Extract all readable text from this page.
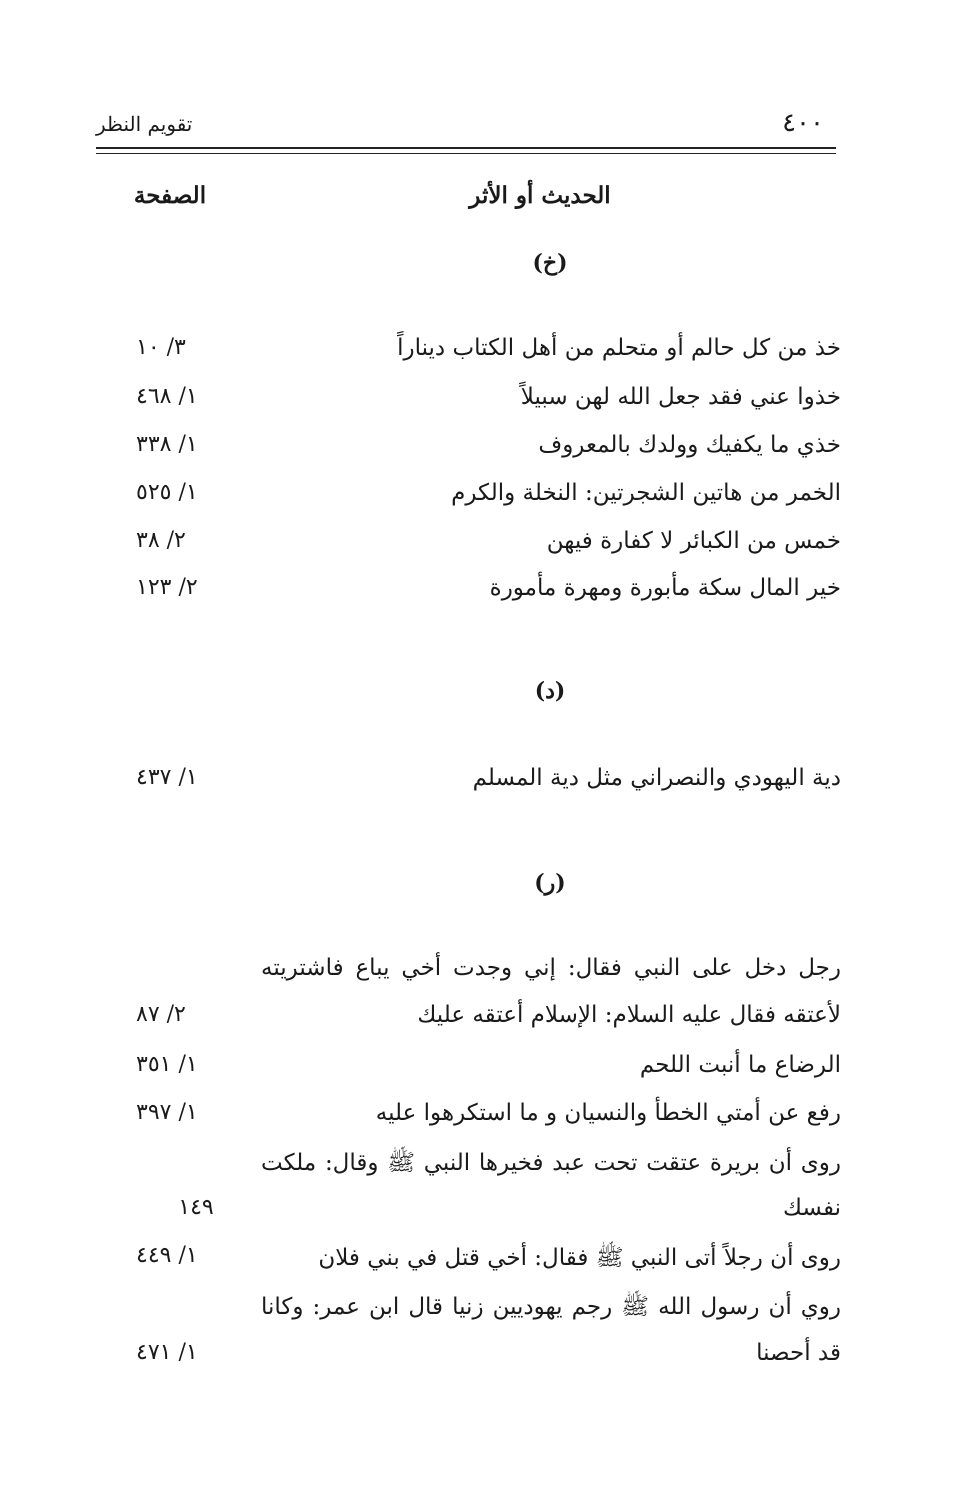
٤٠٠
تقويم النظر
الحديث أو الأثر
الصفحة
(خ)
خذ من كل حالم أو متحلم من أهل الكتاب ديناراً
٣/ ١٠
خذوا عني فقد جعل الله لهن سبيلاً
١/ ٤٦٨
خذي ما يكفيك وولدك بالمعروف
١/ ٣٣٨
الخمر من هاتين الشجرتين: النخلة والكرم
١/ ٥٢٥
خمس من الكبائر لا كفارة فيهن
٢/ ٣٨
خير المال سكة مأبورة ومهرة مأمورة
٢/ ١٢٣
(د)
دية اليهودي والنصراني مثل دية المسلم
١/ ٤٣٧
(ر)
رجل دخل على النبي فقال: إني وجدت أخي يباع فاشتريته
لأعتقه فقال عليه السلام: الإسلام أعتقه عليك
٢/ ٨٧
الرضاع ما أنبت اللحم
١/ ٣٥١
رفع عن أمتي الخطأ والنسيان و ما استكرهوا عليه
١/ ٣٩٧
روى أن بريرة عتقت تحت عبد فخيرها النبي ﷺ وقال: ملكت
نفسك
١٤٩
روى أن رجلاً أتى النبي ﷺ فقال: أخي قتل في بني فلان
١/ ٤٤٩
روي أن رسول الله ﷺ رجم يهوديين زنيا قال ابن عمر: وكانا
قد أحصنا
١/ ٤٧١
